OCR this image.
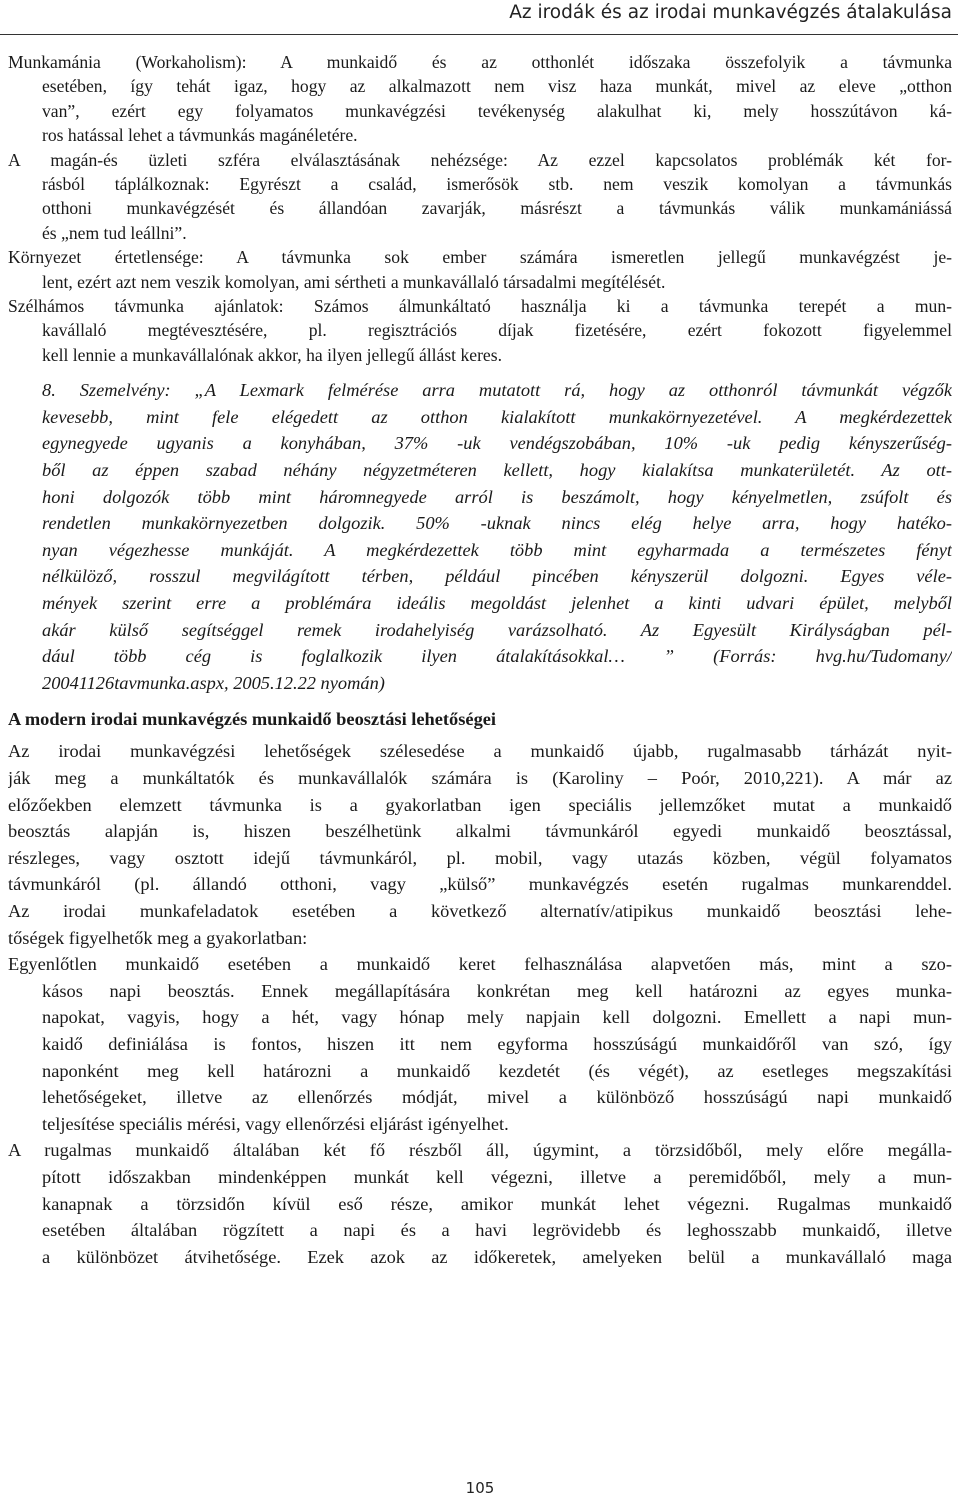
Az irodák és az irodai munkavégzés átalakulása
Munkamánia (Workaholism): A munkaidő és az otthonlét időszaka összefolyik a távmunka
esetében, így tehát igaz, hogy az alkalmazott nem visz haza munkát, mivel az eleve „otthon
van”, ezért egy folyamatos munkavégzési tevékenység alakulhat ki, mely hosszútávon ká-
ros hatással lehet a távmunkás magánéletére.
A magán-és üzleti szféra elválasztásának nehézsége: Az ezzel kapcsolatos problémák két for-
rásból táplálkoznak: Egyrészt a család, ismerősök stb. nem veszik komolyan a távmunkás
otthoni munkavégzését és állandóan zavarják, másrészt a távmunkás válik munkamániássá
és „nem tud leállni”.
Környezet értetlensége: A távmunka sok ember számára ismeretlen jellegű munkavégzést je-
lent, ezért azt nem veszik komolyan, ami sértheti a munkavállaló társadalmi megítélését.
Szélhámos távmunka ajánlatok: Számos álmunkáltató használja ki a távmunka terepét a mun-
kavállaló megtévesztésére, pl. regisztrációs díjak fizetésére, ezért fokozott figyelemmel
kell lennie a munkavállalónak akkor, ha ilyen jellegű állást keres.
8. Szemelvény: „A Lexmark felmérése arra mutatott rá, hogy az otthonról távmunkát végzők
kevesebb, mint fele elégedett az otthon kialakított munkakörnyezetével. A megkérdezettek
egynegyede ugyanis a konyhában, 37% -uk vendégszobában, 10% -uk pedig kényszerűség-
ből az éppen szabad néhány négyzetméteren kellett, hogy kialakítsa munkaterületét. Az ott-
honi dolgozók több mint háromnegyede arról is beszámolt, hogy kényelmetlen, zsúfolt és
rendetlen munkakörnyezetben dolgozik. 50% -uknak nincs elég helye arra, hogy hatéko-
nyan végezhesse munkáját. A megkérdezettek több mint egyharmada a természetes fényt
nélkülöző, rosszul megvilágított térben, például pincében kényszerül dolgozni. Egyes véle-
mények szerint erre a problémára ideális megoldást jelenhet a kinti udvari épület, melyből
akár külső segítséggel remek irodahelyiség varázsolható. Az Egyesült Királyságban pél-
dául több cég is foglalkozik ilyen átalakításokkal… ” (Forrás: hvg.hu/Tudomany/
20041126tavmunka.aspx, 2005.12.22 nyomán)
A modern irodai munkavégzés munkaidő beosztási lehetőségei
Az irodai munkavégzési lehetőségek szélesedése a munkaidő újabb, rugalmasabb tárházát nyit-
ják meg a munkáltatók és munkavállalók számára is (Karoliny – Poór, 2010,221). A már az
előzőekben elemzett távmunka is a gyakorlatban igen speciális jellemzőket mutat a munkaidő
beosztás alapján is, hiszen beszélhetünk alkalmi távmunkáról egyedi munkaidő beosztással,
részleges, vagy osztott idejű távmunkáról, pl. mobil, vagy utazás közben, végül folyamatos
távmunkáról (pl. állandó otthoni, vagy „külső” munkavégzés esetén rugalmas munkarenddel.
Az irodai munkafeladatok esetében a következő alternatív/atipikus munkaidő beosztási lehe-
tőségek figyelhetők meg a gyakorlatban:
Egyenlőtlen munkaidő esetében a munkaidő keret felhasználása alapvetően más, mint a szo-
kásos napi beosztás. Ennek megállapítására konkrétan meg kell határozni az egyes munka-
napokat, vagyis, hogy a hét, vagy hónap mely napjain kell dolgozni. Emellett a napi mun-
kaidő definiálása is fontos, hiszen itt nem egyforma hosszúságú munkaidőről van szó, így
naponként meg kell határozni a munkaidő kezdetét (és végét), az esetleges megszakítási
lehetőségeket, illetve az ellenőrzés módját, mivel a különböző hosszúságú napi munkaidő
teljesítése speciális mérési, vagy ellenőrzési eljárást igényelhet.
A rugalmas munkaidő általában két fő részből áll, úgymint, a törzsidőből, mely előre megálla-
pított időszakban mindenképpen munkát kell végezni, illetve a peremidőből, mely a mun-
kanapnak a törzsidőn kívül eső része, amikor munkát lehet végezni. Rugalmas munkaidő
esetében általában rögzített a napi és a havi legrövidebb és leghosszabb munkaidő, illetve
a különbözet átvihetősége. Ezek azok az időkeretek, amelyeken belül a munkavállaló maga
105
